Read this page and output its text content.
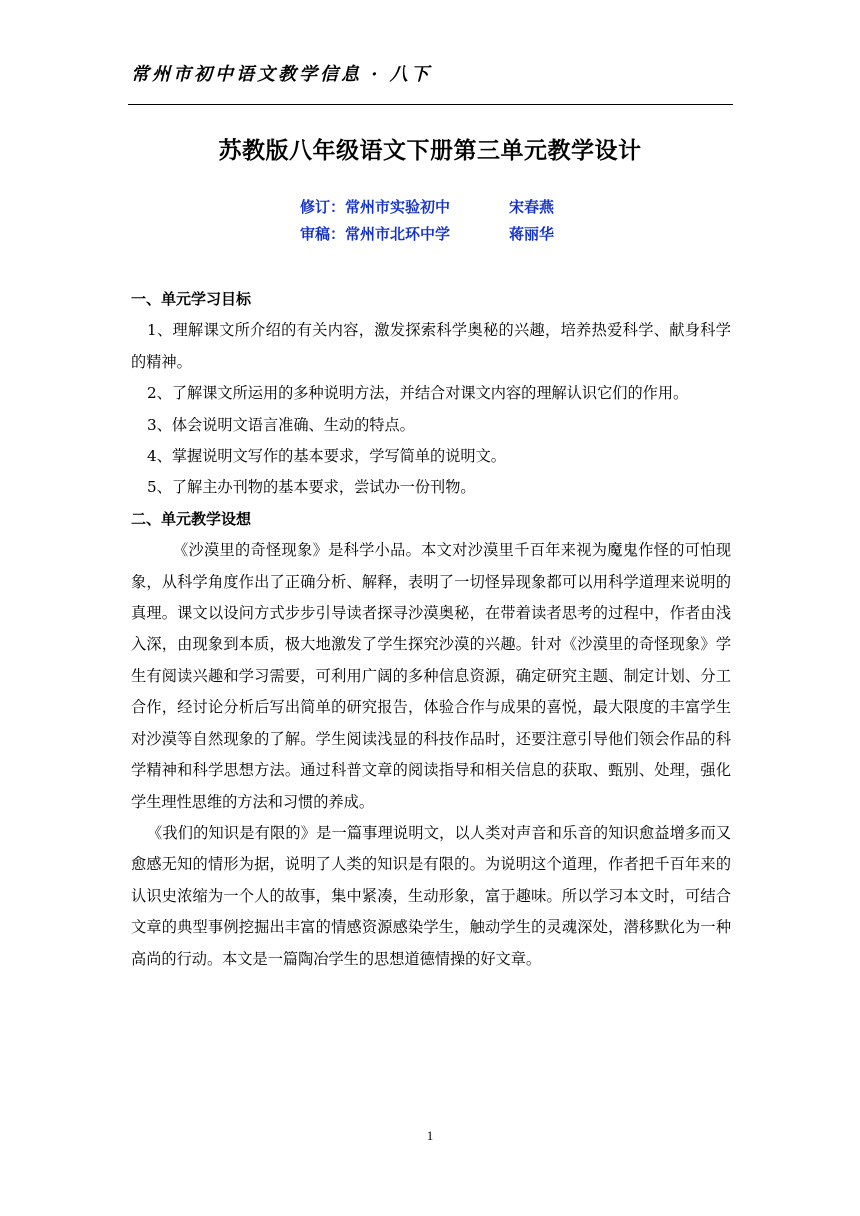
常州市初中语文教学信息 · 八下
苏教版八年级语文下册第三单元教学设计
修订：常州市实验初中	宋春燕
审稿：常州市北环中学	蒋丽华
一、单元学习目标

1、理解课文所介绍的有关内容，激发探索科学奥秘的兴趣，培养热爱科学、献身科学的精神。

2、了解课文所运用的多种说明方法，并结合对课文内容的理解认识它们的作用。

3、体会说明文语言准确、生动的特点。

4、掌握说明文写作的基本要求，学写简单的说明文。

5、了解主办刊物的基本要求，尝试办一份刊物。

二、单元教学设想

《沙漠里的奇怪现象》是科学小品。本文对沙漠里千百年来视为魔鬼作怪的可怕现象，从科学角度作出了正确分析、解释，表明了一切怪异现象都可以用科学道理来说明的真理。课文以设问方式步步引导读者探寻沙漠奥秘，在带着读者思考的过程中，作者由浅入深，由现象到本质，极大地激发了学生探究沙漠的兴趣。针对《沙漠里的奇怪现象》学生有阅读兴趣和学习需要，可利用广阔的多种信息资源，确定研究主题、制定计划、分工合作，经讨论分析后写出简单的研究报告，体验合作与成果的喜悦，最大限度的丰富学生对沙漠等自然现象的了解。学生阅读浅显的科技作品时，还要注意引导他们领会作品的科学精神和科学思想方法。通过科普文章的阅读指导和相关信息的获取、甄别、处理，强化学生理性思维的方法和习惯的养成。

《我们的知识是有限的》是一篇事理说明文，以人类对声音和乐音的知识愈益增多而又愈感无知的情形为据，说明了人类的知识是有限的。为说明这个道理，作者把千百年来的认识史浓缩为一个人的故事，集中紧凑，生动形象，富于趣味。所以学习本文时，可结合文章的典型事例挖掘出丰富的情感资源感染学生，触动学生的灵魂深处，潜移默化为一种高尚的行动。本文是一篇陶冶学生的思想道德情操的好文章。

1
